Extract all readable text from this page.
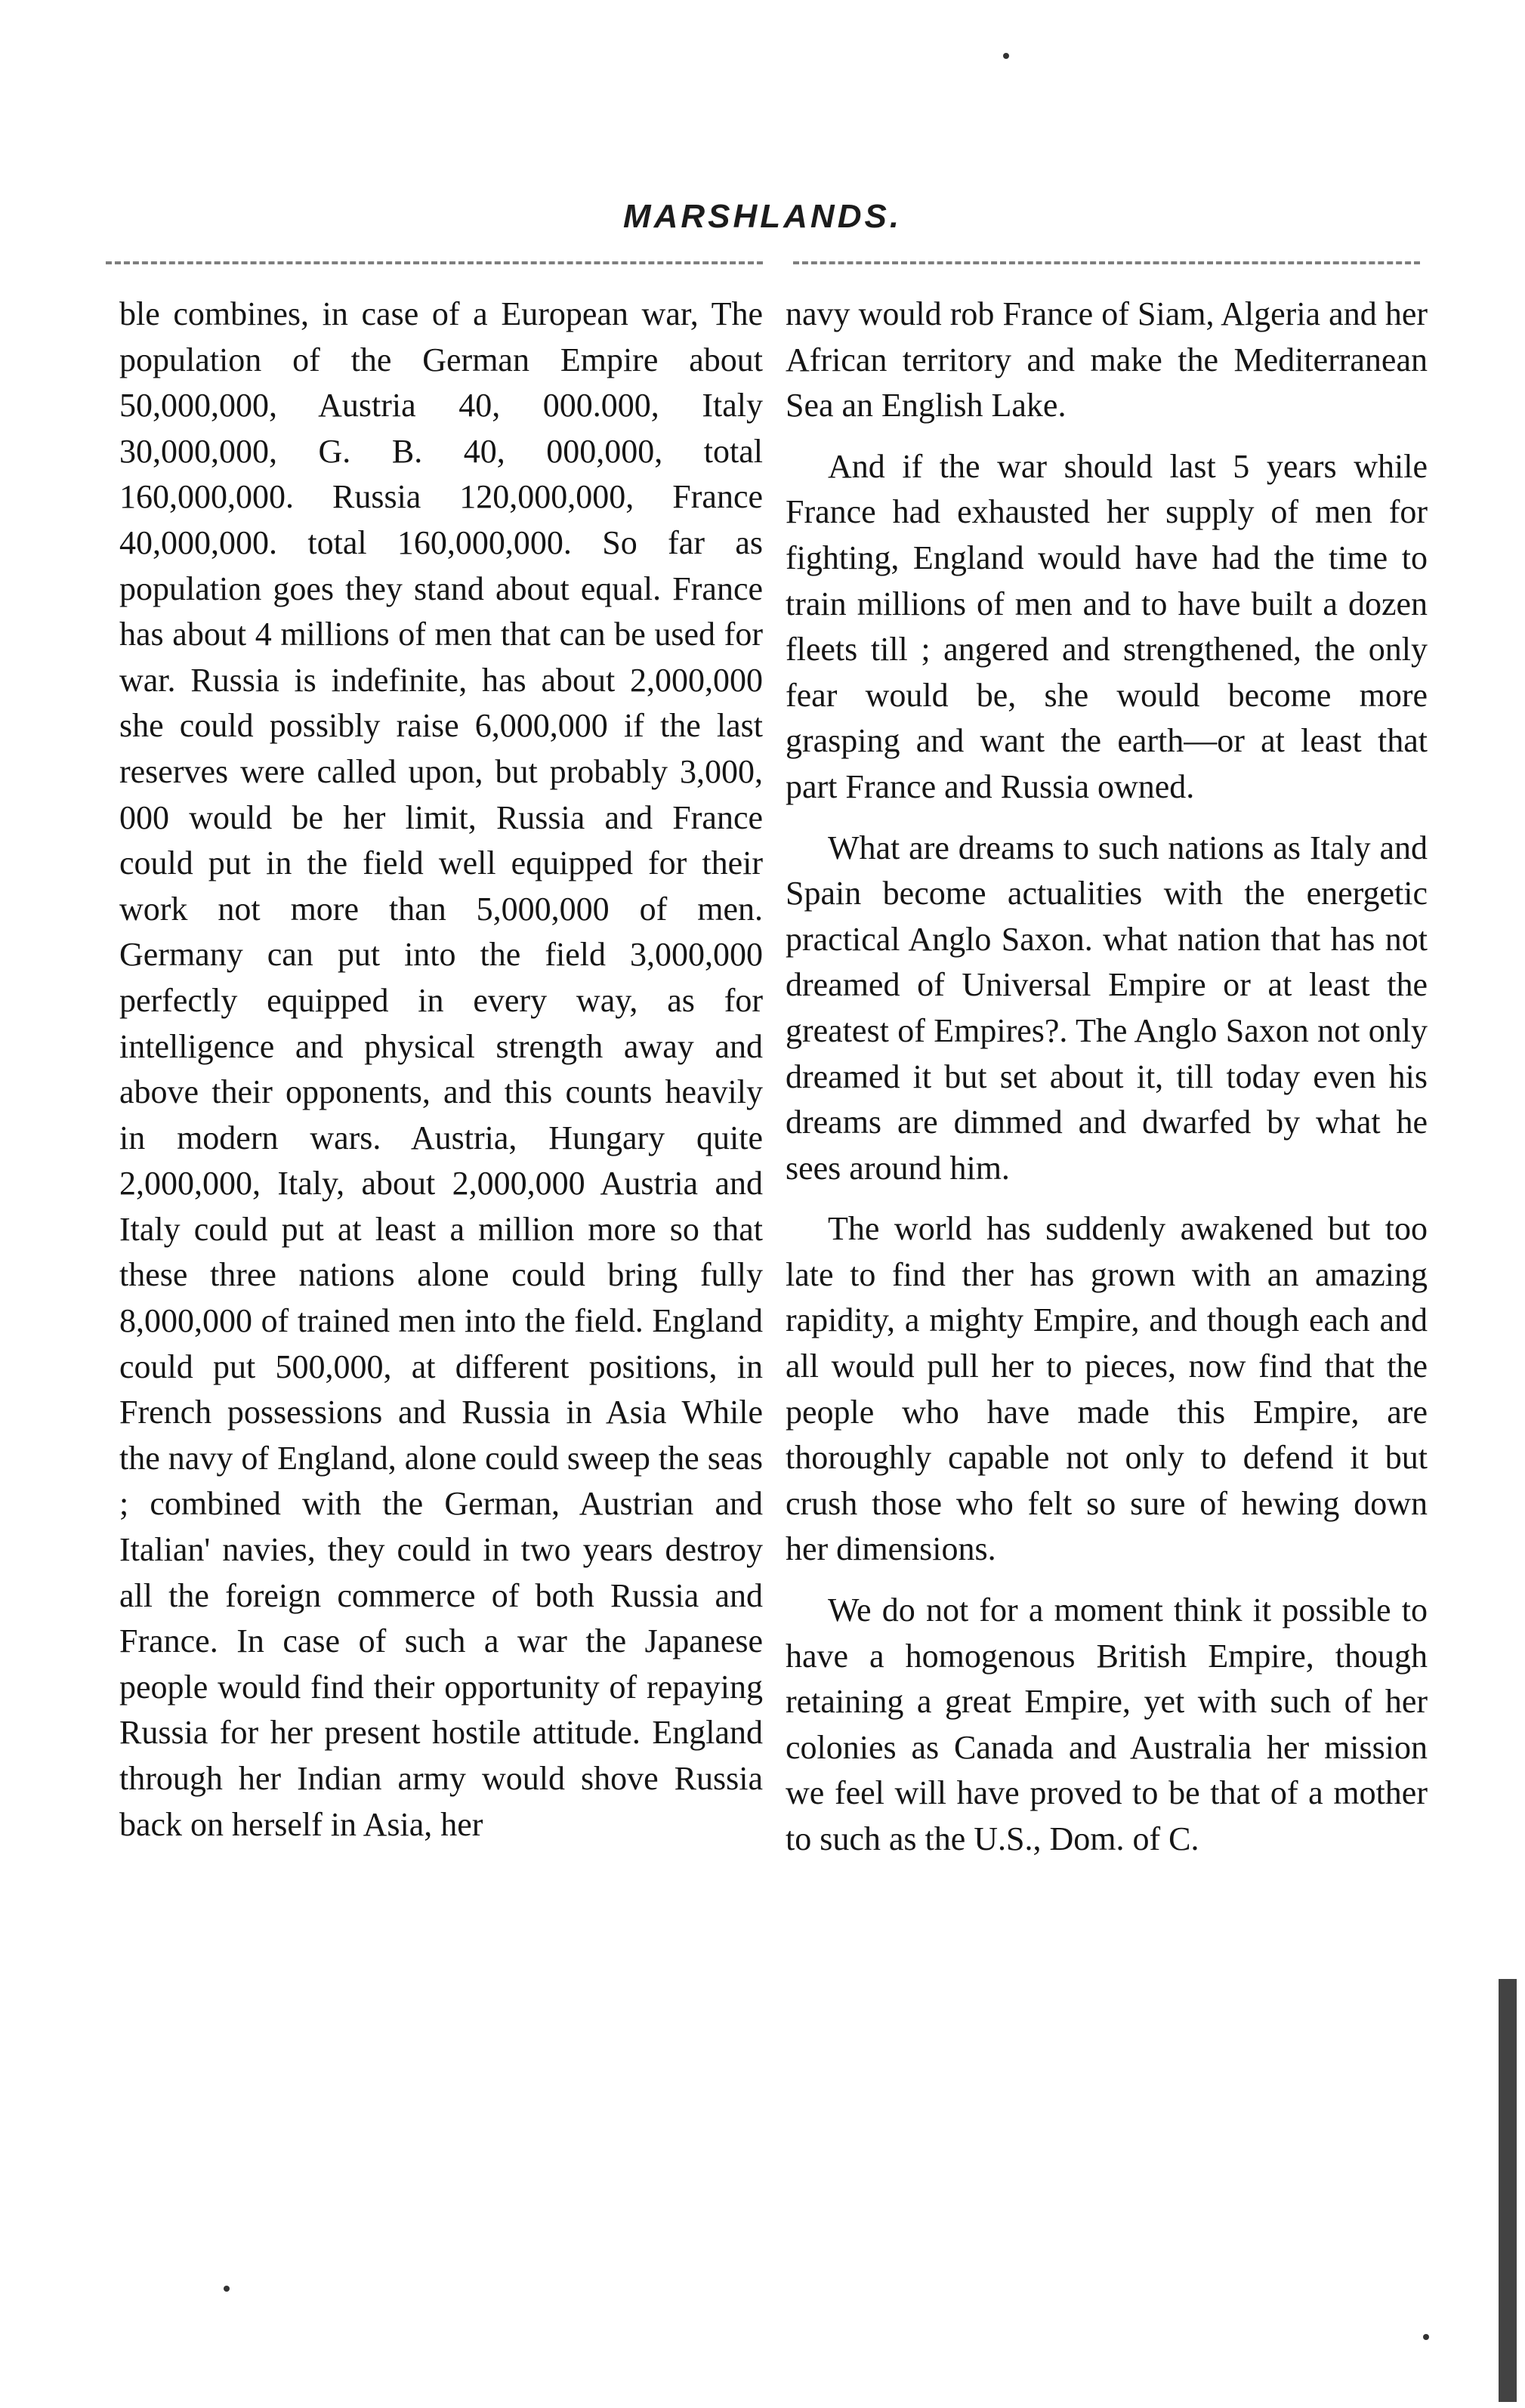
MARSHLANDS.

ble combines, in case of a European war, The population of the German Empire about 50,000,000, Austria 40, 000.000, Italy 30,000,000, G. B. 40, 000,000, total 160,000,000. Russia 120,000,000, France 40,000,000. total 160,000,000. So far as population goes they stand about equal. France has about 4 millions of men that can be used for war. Russia is indefinite, has about 2,000,000 she could possibly raise 6,000,000 if the last reserves were called upon, but probably 3,000, 000 would be her limit, Russia and France could put in the field well equipped for their work not more than 5,000,000 of men. Germany can put into the field 3,000,000 perfectly equipped in every way, as for intelligence and physical strength away and above their opponents, and this counts heavily in modern wars. Austria, Hungary quite 2,000,000, Italy, about 2,000,000 Austria and Italy could put at least a million more so that these three nations alone could bring fully 8,000,000 of trained men into the field. England could put 500,000, at different positions, in French possessions and Russia in Asia While the navy of England, alone could sweep the seas ; combined with the German, Austrian and Italian' navies, they could in two years destroy all the foreign commerce of both Russia and France. In case of such a war the Japanese people would find their opportunity of repaying Russia for her present hostile attitude. England through her Indian army would shove Russia back on herself in Asia, her

navy would rob France of Siam, Algeria and her African territory and make the Mediterranean Sea an English Lake.

And if the war should last 5 years while France had exhausted her supply of men for fighting, England would have had the time to train millions of men and to have built a dozen fleets till ; angered and strengthened, the only fear would be, she would become more grasping and want the earth—or at least that part France and Russia owned.

What are dreams to such nations as Italy and Spain become actualities with the energetic practical Anglo Saxon. what nation that has not dreamed of Universal Empire or at least the greatest of Empires?. The Anglo Saxon not only dreamed it but set about it, till today even his dreams are dimmed and dwarfed by what he sees around him.

The world has suddenly awakened but too late to find ther has grown with an amazing rapidity, a mighty Empire, and though each and all would pull her to pieces, now find that the people who have made this Empire, are thoroughly capable not only to defend it but crush those who felt so sure of hewing down her dimensions.

We do not for a moment think it possible to have a homogenous British Empire, though retaining a great Empire, yet with such of her colonies as Canada and Australia her mission we feel will have proved to be that of a mother to such as the U.S., Dom. of C.
